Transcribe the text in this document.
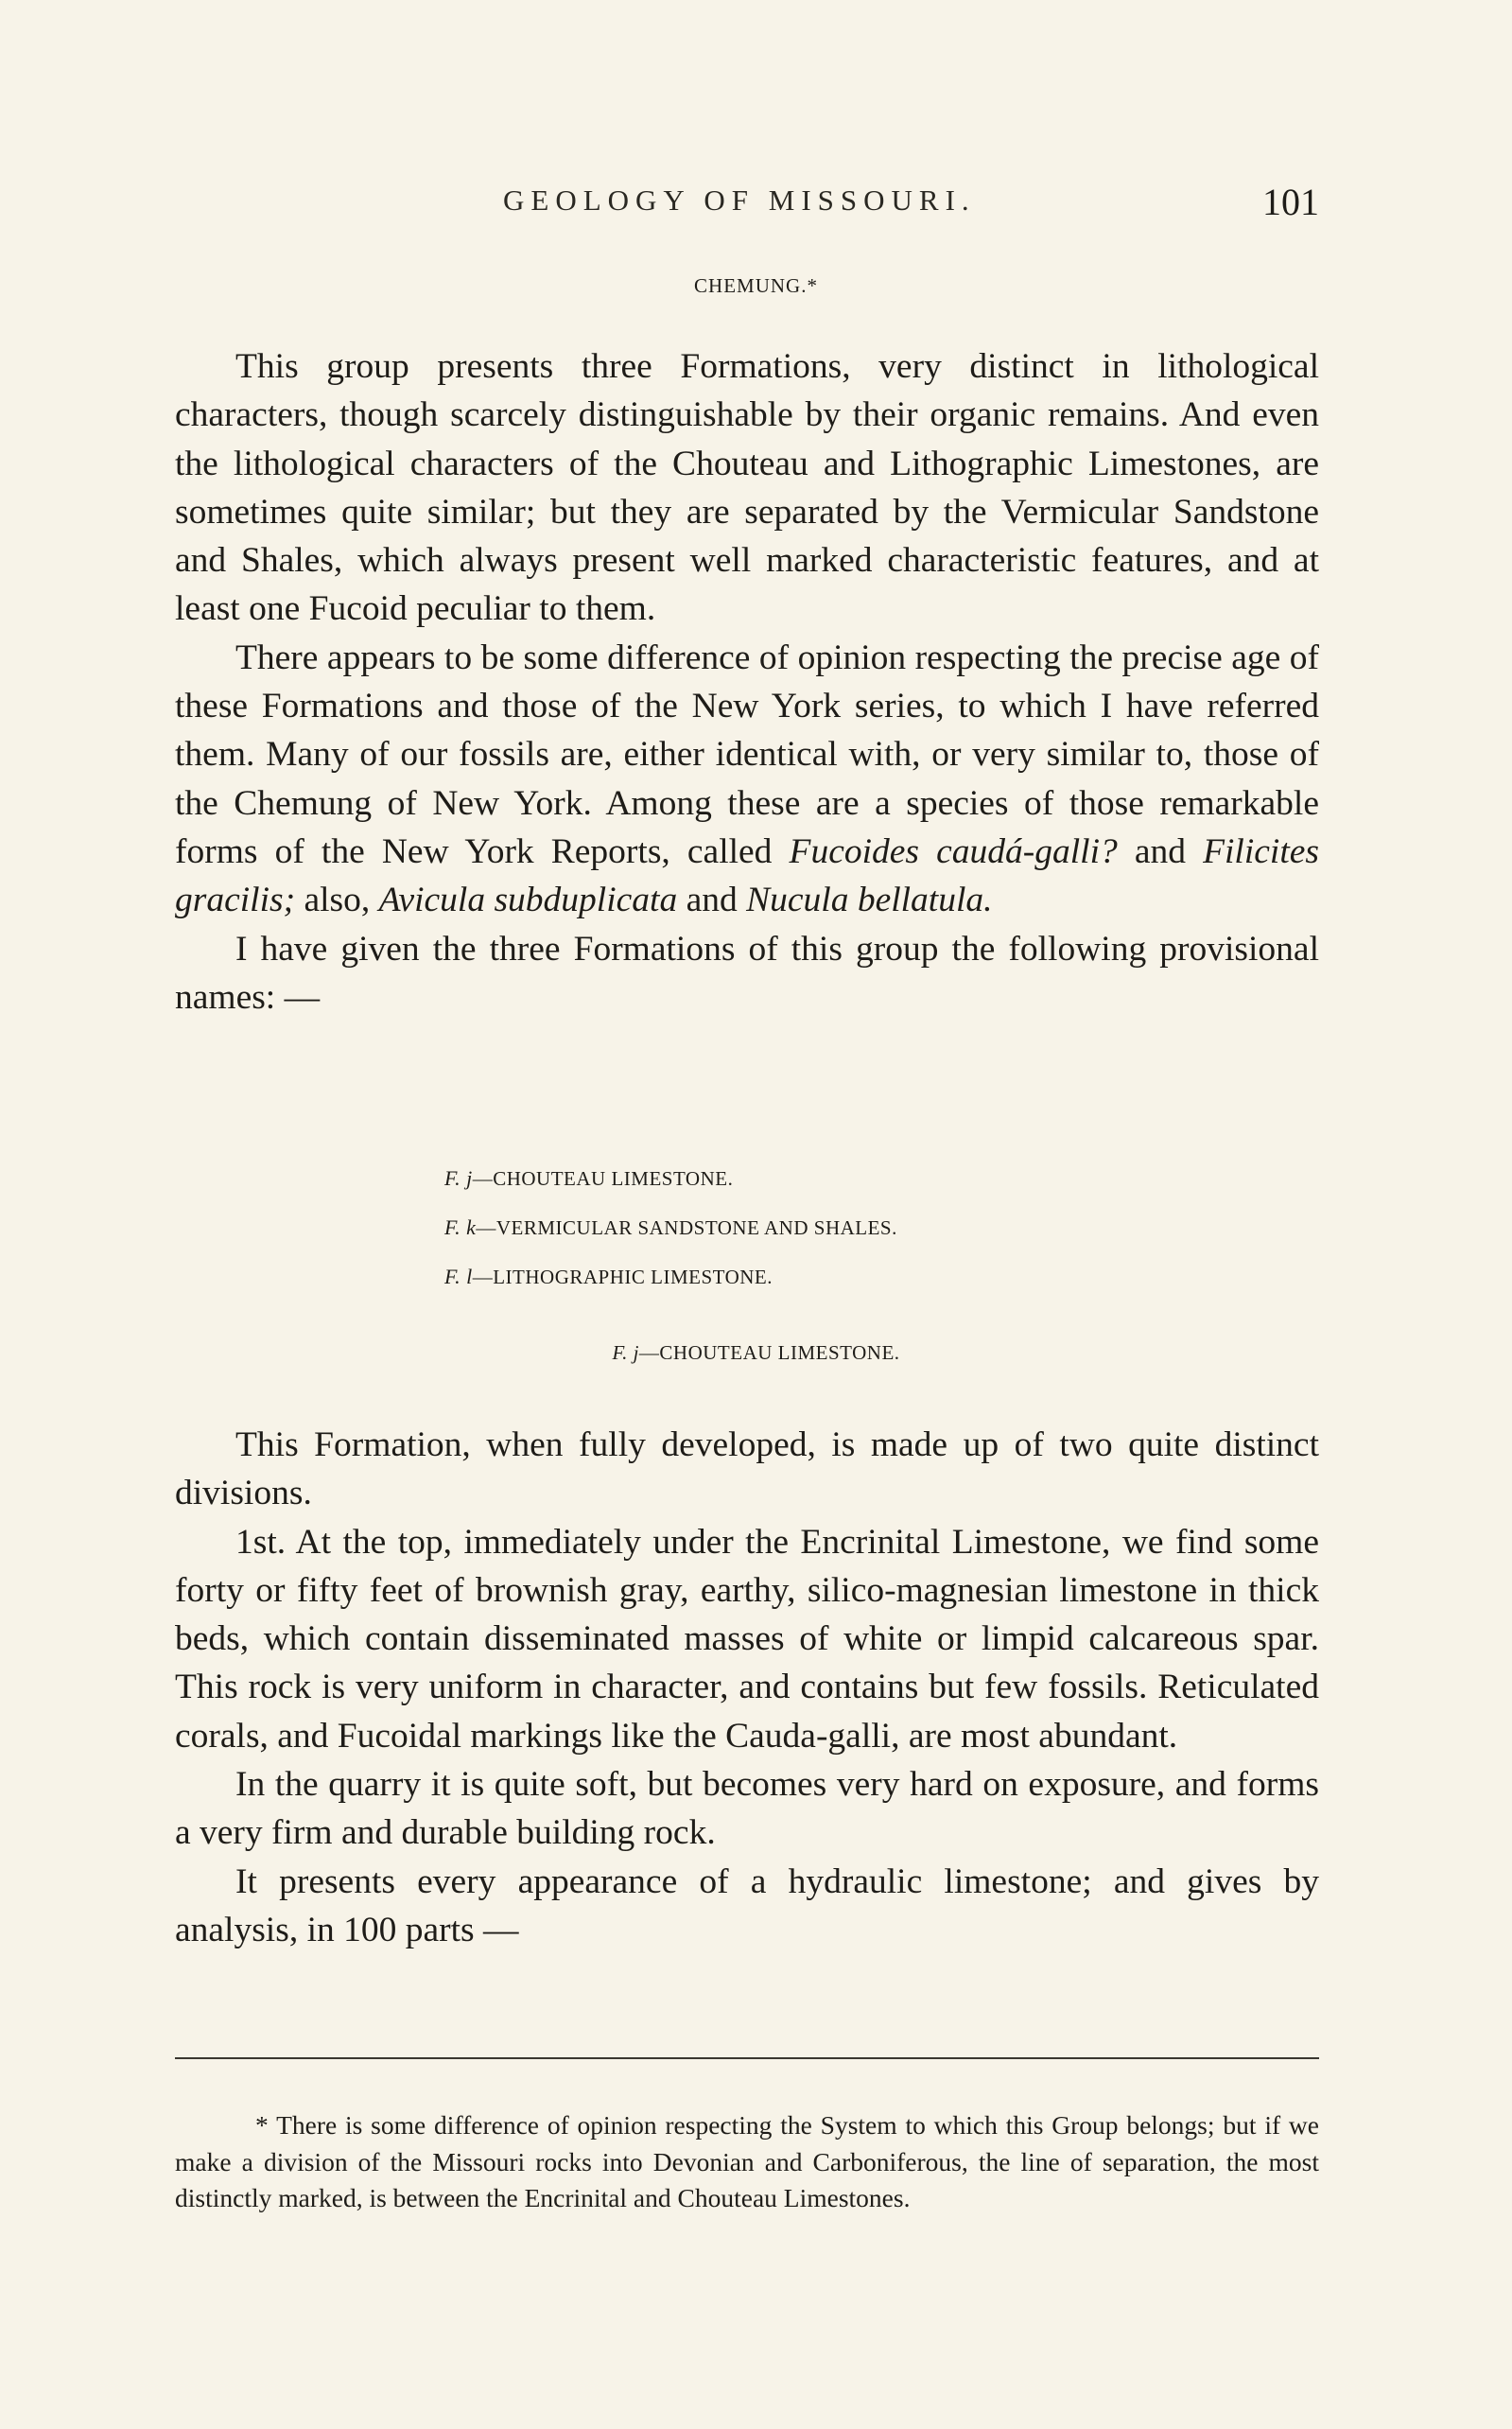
GEOLOGY OF MISSOURI.	101
CHEMUNG.*

This group presents three Formations, very distinct in lithological characters, though scarcely distinguishable by their organic remains. And even the lithological characters of the Chouteau and Lithographic Limestones, are sometimes quite similar; but they are separated by the Vermicular Sandstone and Shales, which always present well marked characteristic features, and at least one Fucoid peculiar to them.

There appears to be some difference of opinion respecting the precise age of these Formations and those of the New York series, to which I have referred them. Many of our fossils are, either identical with, or very similar to, those of the Chemung of New York. Among these are a species of those remarkable forms of the New York Reports, called Fucoides caudá-galli? and Filicites gracilis; also, Avicula subduplicata and Nucula bellatula.

I have given the three Formations of this group the following provisional names: —

F. j—CHOUTEAU LIMESTONE.
F. k—VERMICULAR SANDSTONE AND SHALES.
F. l—LITHOGRAPHIC LIMESTONE.
F. j—CHOUTEAU LIMESTONE.

This Formation, when fully developed, is made up of two quite distinct divisions.

1st. At the top, immediately under the Encrinital Limestone, we find some forty or fifty feet of brownish gray, earthy, silico-magnesian limestone in thick beds, which contain disseminated masses of white or limpid calcareous spar. This rock is very uniform in character, and contains but few fossils. Reticulated corals, and Fucoidal markings like the Cauda-galli, are most abundant.

In the quarry it is quite soft, but becomes very hard on exposure, and forms a very firm and durable building rock.

It presents every appearance of a hydraulic limestone; and gives by analysis, in 100 parts —

* There is some difference of opinion respecting the System to which this Group belongs; but if we make a division of the Missouri rocks into Devonian and Carboniferous, the line of separation, the most distinctly marked, is between the Encrinital and Chouteau Limestones.
